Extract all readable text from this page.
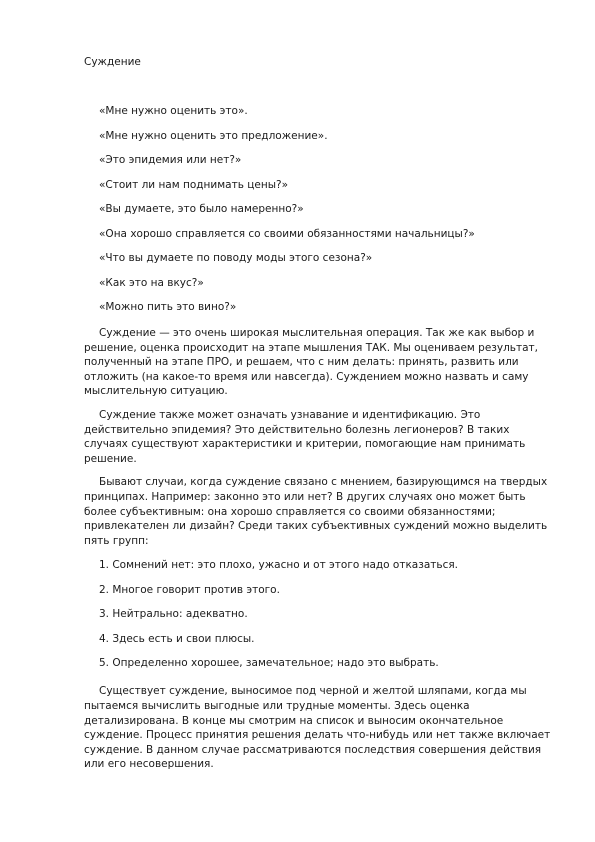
Суждение
«Мне нужно оценить это».
«Мне нужно оценить это предложение».
«Это эпидемия или нет?»
«Стоит ли нам поднимать цены?»
«Вы думаете, это было намеренно?»
«Она хорошо справляется со своими обязанностями начальницы?»
«Что вы думаете по поводу моды этого сезона?»
«Как это на вкус?»
«Можно пить это вино?»

Суждение — это очень широкая мыслительная операция. Так же как выбор и решение, оценка происходит на этапе мышления ТАК. Мы оцениваем результат, полученный на этапе ПРО, и решаем, что с ним делать: принять, развить или отложить (на какое-то время или навсегда). Суждением можно назвать и саму мыслительную ситуацию.

Суждение также может означать узнавание и идентификацию. Это действительно эпидемия? Это действительно болезнь легионеров? В таких случаях существуют характеристики и критерии, помогающие нам принимать решение.

Бывают случаи, когда суждение связано с мнением, базирующимся на твердых принципах. Например: законно это или нет? В других случаях оно может быть более субъективным: она хорошо справляется со своими обязанностями; привлекателен ли дизайн? Среди таких субъективных суждений можно выделить пять групп:

1. Сомнений нет: это плохо, ужасно и от этого надо отказаться.
2. Многое говорит против этого.
3. Нейтрально: адекватно.
4. Здесь есть и свои плюсы.
5. Определенно хорошее, замечательное; надо это выбрать.

Существует суждение, выносимое под черной и желтой шляпами, когда мы пытаемся вычислить выгодные или трудные моменты. Здесь оценка детализирована. В конце мы смотрим на список и выносим окончательное суждение. Процесс принятия решения делать что-нибудь или нет также включает суждение. В данном случае рассматриваются последствия совершения действия или его несовершения.
